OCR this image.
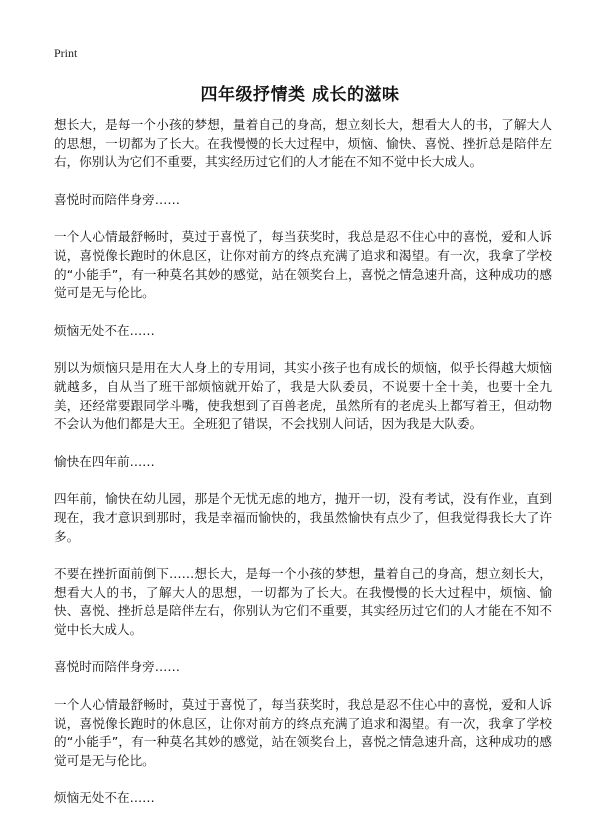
Print
四年级抒情类 成长的滋味

想长大，是每一个小孩的梦想，量着自己的身高，想立刻长大，想看大人的书，了解大人的思想，一切都为了长大。在我慢慢的长大过程中，烦恼、愉快、喜悦、挫折总是陪伴左右，你别认为它们不重要，其实经历过它们的人才能在不知不觉中长大成人。

喜悦时而陪伴身旁……

一个人心情最舒畅时，莫过于喜悦了，每当获奖时，我总是忍不住心中的喜悦，爱和人诉说，喜悦像长跑时的休息区，让你对前方的终点充满了追求和渴望。有一次，我拿了学校的“小能手”，有一种莫名其妙的感觉，站在领奖台上，喜悦之情急速升高，这种成功的感觉可是无与伦比。

烦恼无处不在……

别以为烦恼只是用在大人身上的专用词，其实小孩子也有成长的烦恼，似乎长得越大烦恼就越多，自从当了班干部烦恼就开始了，我是大队委员，不说要十全十美，也要十全九美，还经常要跟同学斗嘴，使我想到了百兽老虎，虽然所有的老虎头上都写着王，但动物不会认为他们都是大王。全班犯了错误，不会找别人问话，因为我是大队委。

愉快在四年前……

四年前，愉快在幼儿园，那是个无忧无虑的地方，抛开一切，没有考试，没有作业，直到现在，我才意识到那时，我是幸福而愉快的，我虽然愉快有点少了，但我觉得我长大了许多。

不要在挫折面前倒下……想长大，是每一个小孩的梦想，量着自己的身高，想立刻长大，想看大人的书，了解大人的思想，一切都为了长大。在我慢慢的长大过程中，烦恼、愉快、喜悦、挫折总是陪伴左右，你别认为它们不重要，其实经历过它们的人才能在不知不觉中长大成人。

喜悦时而陪伴身旁……

一个人心情最舒畅时，莫过于喜悦了，每当获奖时，我总是忍不住心中的喜悦，爱和人诉说，喜悦像长跑时的休息区，让你对前方的终点充满了追求和渴望。有一次，我拿了学校的“小能手”，有一种莫名其妙的感觉，站在领奖台上，喜悦之情急速升高，这种成功的感觉可是无与伦比。

烦恼无处不在……
